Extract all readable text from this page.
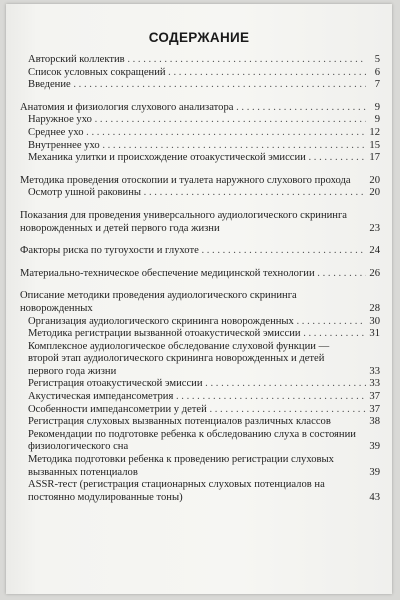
СОДЕРЖАНИЕ
Авторский коллектив . . .	5
Список условных сокращений . . .	6
Введение . . .	7
Анатомия и физиология слухового анализатора . . .	9
Наружное ухо . . .	9
Среднее ухо . . .	12
Внутреннее ухо . . .	15
Механика улитки и происхождение отоакустической эмиссии . . .	17
Методика проведения отоскопии и туалета наружного слухового прохода	20
Осмотр ушной раковины . . .	20
Показания для проведения универсального аудиологического скрининга новорожденных и детей первого года жизни	23
Факторы риска по тугоухости и глухоте . . .	24
Материально-техническое обеспечение медицинской технологии . . .	26
Описание методики проведения аудиологического скрининга новорожденных	28
Организация аудиологического скрининга новорожденных . . .	30
Методика регистрации вызванной отоакустической эмиссии . . .	31
Комплексное аудиологическое обследование слуховой функции — второй этап аудиологического скрининга новорожденных и детей первого года жизни	33
Регистрация отоакустической эмиссии . . .	33
Акустическая импедансометрия . . .	37
Особенности импедансометрии у детей . . .	37
Регистрация слуховых вызванных потенциалов различных классов	38
Рекомендации по подготовке ребенка к обследованию слуха в состоянии физиологического сна	39
Методика подготовки ребенка к проведению регистрации слуховых вызванных потенциалов	39
ASSR-тест (регистрация стационарных слуховых потенциалов на постоянно модулированные тоны)	43
